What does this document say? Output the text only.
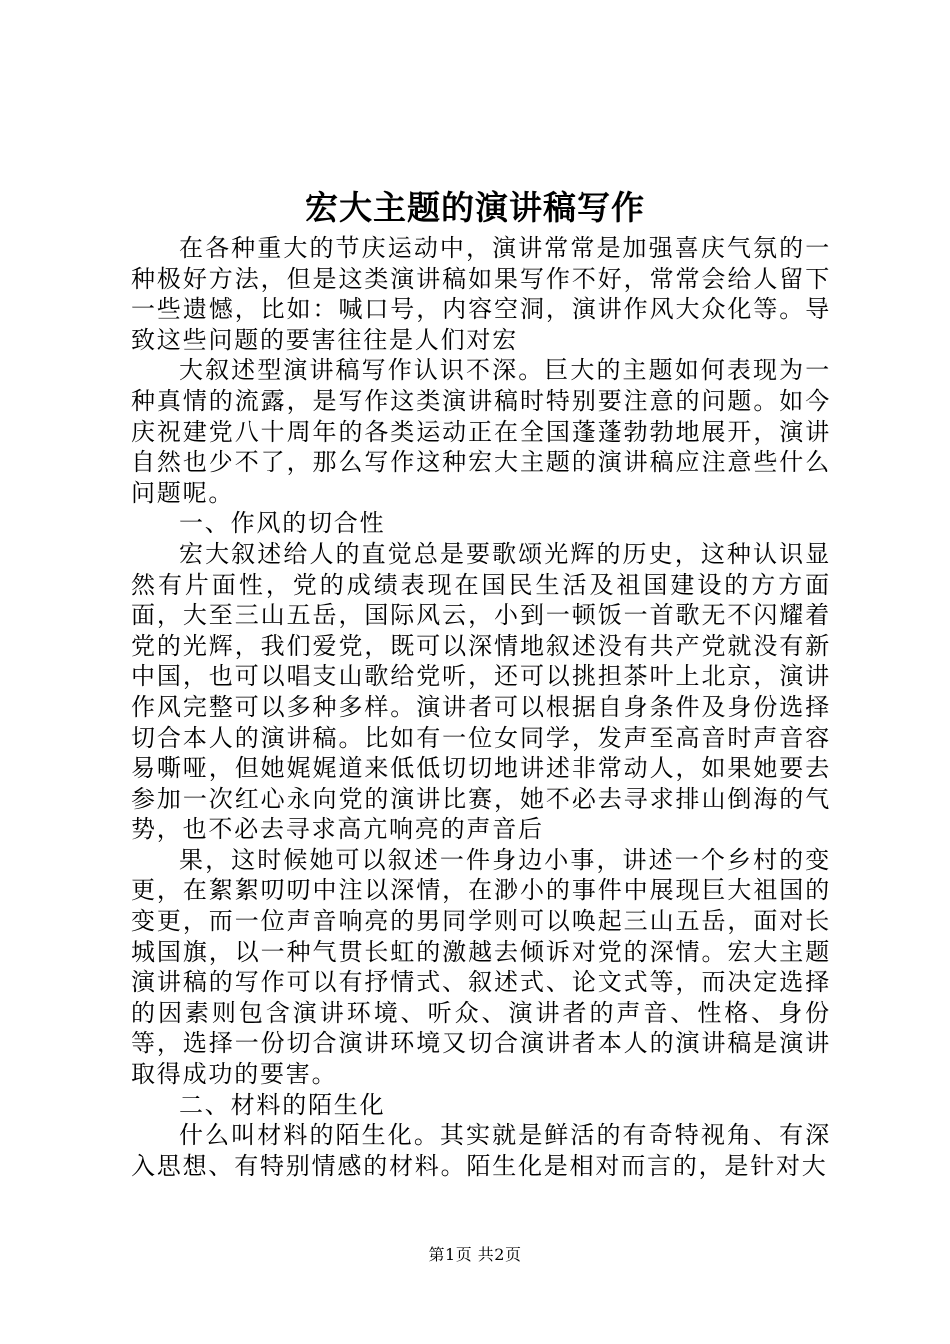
宏大主题的演讲稿写作

在各种重大的节庆运动中，演讲常常是加强喜庆气氛的一种极好方法，但是这类演讲稿如果写作不好，常常会给人留下一些遗憾，比如：喊口号，内容空洞，演讲作风大众化等。导致这些问题的要害往往是人们对宏

大叙述型演讲稿写作认识不深。巨大的主题如何表现为一种真情的流露，是写作这类演讲稿时特别要注意的问题。如今庆祝建党八十周年的各类运动正在全国蓬蓬勃勃地展开，演讲自然也少不了，那么写作这种宏大主题的演讲稿应注意些什么问题呢。

一、作风的切合性

宏大叙述给人的直觉总是要歌颂光辉的历史，这种认识显然有片面性，党的成绩表现在国民生活及祖国建设的方方面面，大至三山五岳，国际风云，小到一顿饭一首歌无不闪耀着党的光辉，我们爱党，既可以深情地叙述没有共产党就没有新中国，也可以唱支山歌给党听，还可以挑担茶叶上北京，演讲作风完整可以多种多样。演讲者可以根据自身条件及身份选择切合本人的演讲稿。比如有一位女同学，发声至高音时声音容易嘶哑，但她娓娓道来低低切切地讲述非常动人，如果她要去参加一次红心永向党的演讲比赛，她不必去寻求排山倒海的气势，也不必去寻求高亢响亮的声音后

果，这时候她可以叙述一件身边小事，讲述一个乡村的变更，在絮絮叨叨中注以深情，在渺小的事件中展现巨大祖国的变更，而一位声音响亮的男同学则可以唤起三山五岳，面对长城国旗，以一种气贯长虹的激越去倾诉对党的深情。宏大主题演讲稿的写作可以有抒情式、叙述式、论文式等，而决定选择的因素则包含演讲环境、听众、演讲者的声音、性格、身份等，选择一份切合演讲环境又切合演讲者本人的演讲稿是演讲取得成功的要害。

二、材料的陌生化

什么叫材料的陌生化。其实就是鲜活的有奇特视角、有深入思想、有特别情感的材料。陌生化是相对而言的，是针对大

第1页 共2页
